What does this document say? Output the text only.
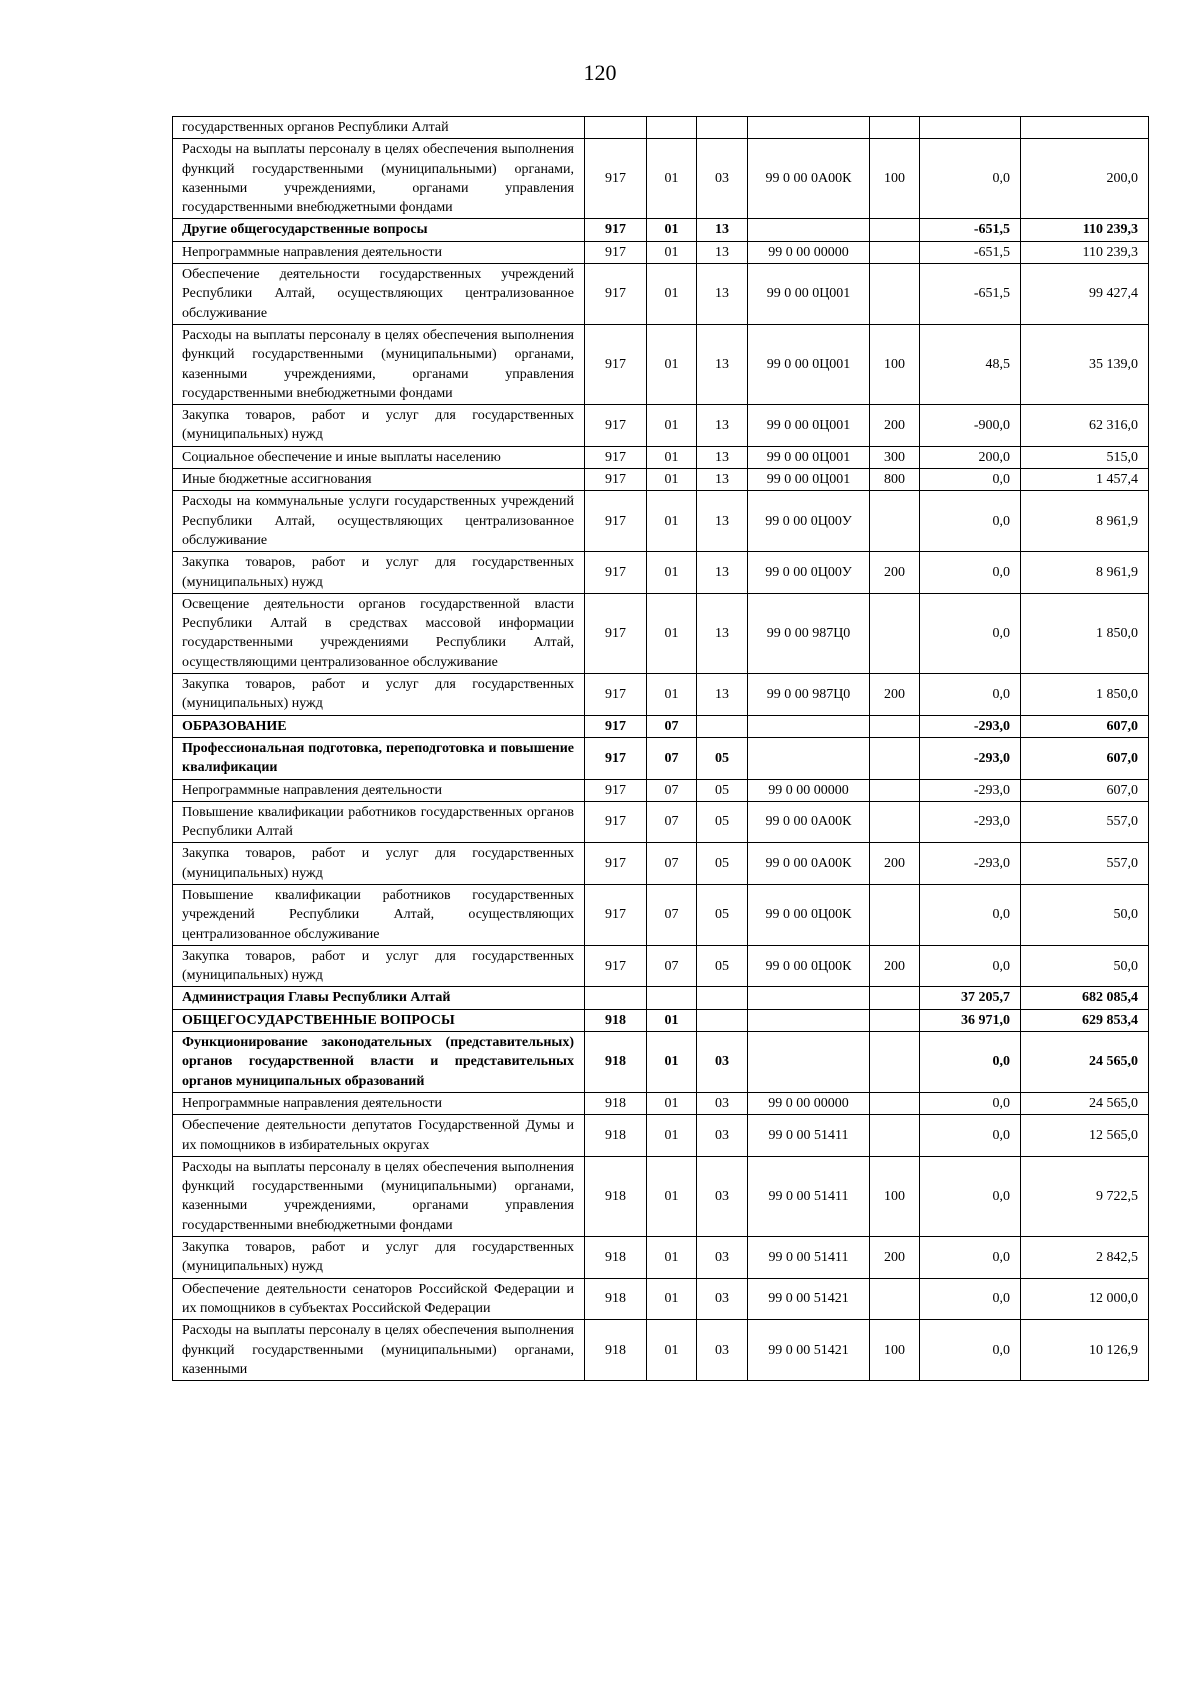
120
государственных органов Республики Алтай							
Расходы на выплаты персоналу в целях обеспечения выполнения функций государственными (муниципальными) органами, казенными учреждениями, органами управления государственными внебюджетными фондами	917	01	03	99 0 00 0А00К	100	0,0	200,0
Другие общегосударственные вопросы	917	01	13			-651,5	110 239,3
Непрограммные направления деятельности	917	01	13	99 0 00 00000		-651,5	110 239,3
Обеспечение деятельности государственных учреждений Республики Алтай, осуществляющих централизованное обслуживание	917	01	13	99 0 00 0Ц001		-651,5	99 427,4
Расходы на выплаты персоналу в целях обеспечения выполнения функций государственными (муниципальными) органами, казенными учреждениями, органами управления государственными внебюджетными фондами	917	01	13	99 0 00 0Ц001	100	48,5	35 139,0
Закупка товаров, работ и услуг для государственных (муниципальных) нужд	917	01	13	99 0 00 0Ц001	200	-900,0	62 316,0
Социальное обеспечение и иные выплаты населению	917	01	13	99 0 00 0Ц001	300	200,0	515,0
Иные бюджетные ассигнования	917	01	13	99 0 00 0Ц001	800	0,0	1 457,4
Расходы на коммунальные услуги государственных учреждений Республики Алтай, осуществляющих централизованное обслуживание	917	01	13	99 0 00 0Ц00У		0,0	8 961,9
Закупка товаров, работ и услуг для государственных (муниципальных) нужд	917	01	13	99 0 00 0Ц00У	200	0,0	8 961,9
Освещение деятельности органов государственной власти Республики Алтай в средствах массовой информации государственными учреждениями Республики Алтай, осуществляющими централизованное обслуживание	917	01	13	99 0 00 987Ц0		0,0	1 850,0
Закупка товаров, работ и услуг для государственных (муниципальных) нужд	917	01	13	99 0 00 987Ц0	200	0,0	1 850,0
ОБРАЗОВАНИЕ	917	07				-293,0	607,0
Профессиональная подготовка, переподготовка и повышение квалификации	917	07	05			-293,0	607,0
Непрограммные направления деятельности	917	07	05	99 0 00 00000		-293,0	607,0
Повышение квалификации работников государственных органов Республики Алтай	917	07	05	99 0 00 0А00К		-293,0	557,0
Закупка товаров, работ и услуг для государственных (муниципальных) нужд	917	07	05	99 0 00 0А00К	200	-293,0	557,0
Повышение квалификации работников государственных учреждений Республики Алтай, осуществляющих централизованное обслуживание	917	07	05	99 0 00 0Ц00К		0,0	50,0
Закупка товаров, работ и услуг для государственных (муниципальных) нужд	917	07	05	99 0 00 0Ц00К	200	0,0	50,0
Администрация Главы Республики Алтай						37 205,7	682 085,4
ОБЩЕГОСУДАРСТВЕННЫЕ ВОПРОСЫ	918	01				36 971,0	629 853,4
Функционирование законодательных (представительных) органов государственной власти и представительных органов муниципальных образований	918	01	03			0,0	24 565,0
Непрограммные направления деятельности	918	01	03	99 0 00 00000		0,0	24 565,0
Обеспечение деятельности депутатов Государственной Думы и их помощников в избирательных округах	918	01	03	99 0 00 51411		0,0	12 565,0
Расходы на выплаты персоналу в целях обеспечения выполнения функций государственными (муниципальными) органами, казенными учреждениями, органами управления государственными внебюджетными фондами	918	01	03	99 0 00 51411	100	0,0	9 722,5
Закупка товаров, работ и услуг для государственных (муниципальных) нужд	918	01	03	99 0 00 51411	200	0,0	2 842,5
Обеспечение деятельности сенаторов Российской Федерации и их помощников в субъектах Российской Федерации	918	01	03	99 0 00 51421		0,0	12 000,0
Расходы на выплаты персоналу в целях обеспечения выполнения функций государственными (муниципальными) органами, казенными	918	01	03	99 0 00 51421	100	0,0	10 126,9
